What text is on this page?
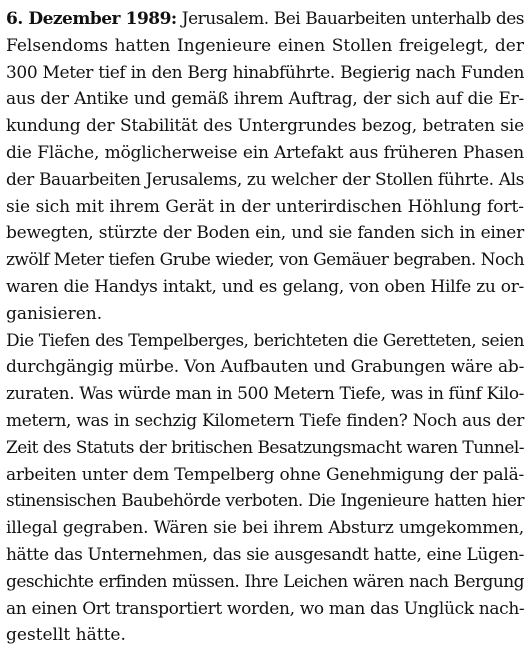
6. Dezember 1989: Jerusalem. Bei Bauarbeiten unterhalb des
Felsendoms hatten Ingenieure einen Stollen freigelegt, der
300 Meter tief in den Berg hinabführte. Begierig nach Funden
aus der Antike und gemäß ihrem Auftrag, der sich auf die Er-
kundung der Stabilität des Untergrundes bezog, betraten sie
die Fläche, möglicherweise ein Artefakt aus früheren Phasen
der Bauarbeiten Jerusalems, zu welcher der Stollen führte. Als
sie sich mit ihrem Gerät in der unterirdischen Höhlung fort-
bewegten, stürzte der Boden ein, und sie fanden sich in einer
zwölf Meter tiefen Grube wieder, von Gemäuer begraben. Noch
waren die Handys intakt, und es gelang, von oben Hilfe zu or-
ganisieren.
Die Tiefen des Tempelberges, berichteten die Geretteten, seien
durchgängig mürbe. Von Aufbauten und Grabungen wäre ab-
zuraten. Was würde man in 500 Metern Tiefe, was in fünf Kilo-
metern, was in sechzig Kilometern Tiefe finden? Noch aus der
Zeit des Statuts der britischen Besatzungsmacht waren Tunnel-
arbeiten unter dem Tempelberg ohne Genehmigung der palä-
stinensischen Baubehörde verboten. Die Ingenieure hatten hier
illegal gegraben. Wären sie bei ihrem Absturz umgekommen,
hätte das Unternehmen, das sie ausgesandt hatte, eine Lügen-
geschichte erfinden müssen. Ihre Leichen wären nach Bergung
an einen Ort transportiert worden, wo man das Unglück nach-
gestellt hätte.
